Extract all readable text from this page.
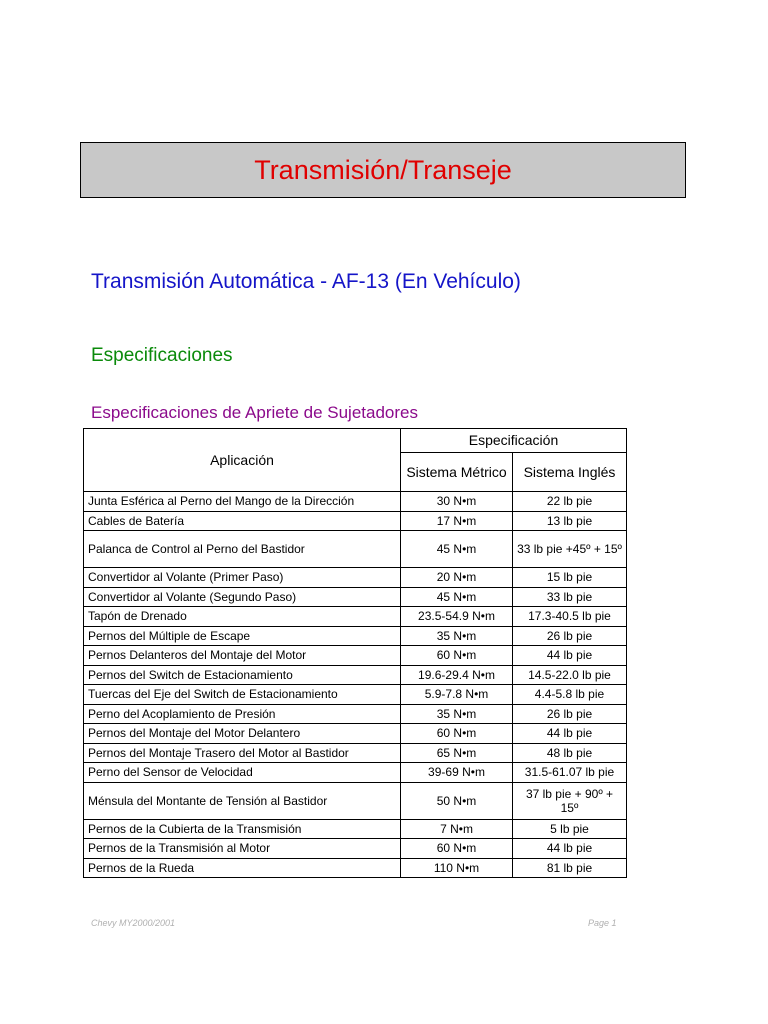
Transmisión/Transeje
Transmisión Automática - AF-13 (En Vehículo)
Especificaciones
Especificaciones de Apriete de Sujetadores
Aplicación	Especificación	
	Sistema Métrico	Sistema Inglés
Junta Esférica al Perno del Mango de la Dirección	30 N•m	22 lb pie
Cables de Batería	17 N•m	13 lb pie
Palanca de Control al Perno del Bastidor	45 N•m	33 lb pie +45º + 15º
Convertidor al Volante (Primer Paso)	20 N•m	15 lb pie
Convertidor al Volante (Segundo Paso)	45 N•m	33 lb pie
Tapón de Drenado	23.5-54.9 N•m	17.3-40.5 lb pie
Pernos del Múltiple de Escape	35 N•m	26 lb pie
Pernos Delanteros del Montaje del Motor	60 N•m	44 lb pie
Pernos del Switch de Estacionamiento	19.6-29.4 N•m	14.5-22.0 lb pie
Tuercas del Eje del Switch de Estacionamiento	5.9-7.8 N•m	4.4-5.8 lb pie
Perno del Acoplamiento de Presión	35 N•m	26 lb pie
Pernos del Montaje del Motor Delantero	60 N•m	44 lb pie
Pernos del Montaje Trasero del Motor al Bastidor	65 N•m	48 lb pie
Perno del Sensor de Velocidad	39-69 N•m	31.5-61.07 lb pie
Ménsula del Montante de Tensión al Bastidor	50 N•m	37 lb pie + 90º + 15º
Pernos de la Cubierta de la Transmisión	7 N•m	5 lb pie
Pernos de la Transmisión al Motor	60 N•m	44 lb pie
Pernos de la Rueda	110 N•m	81 lb pie
Chevy MY2000/2001	Page 1
